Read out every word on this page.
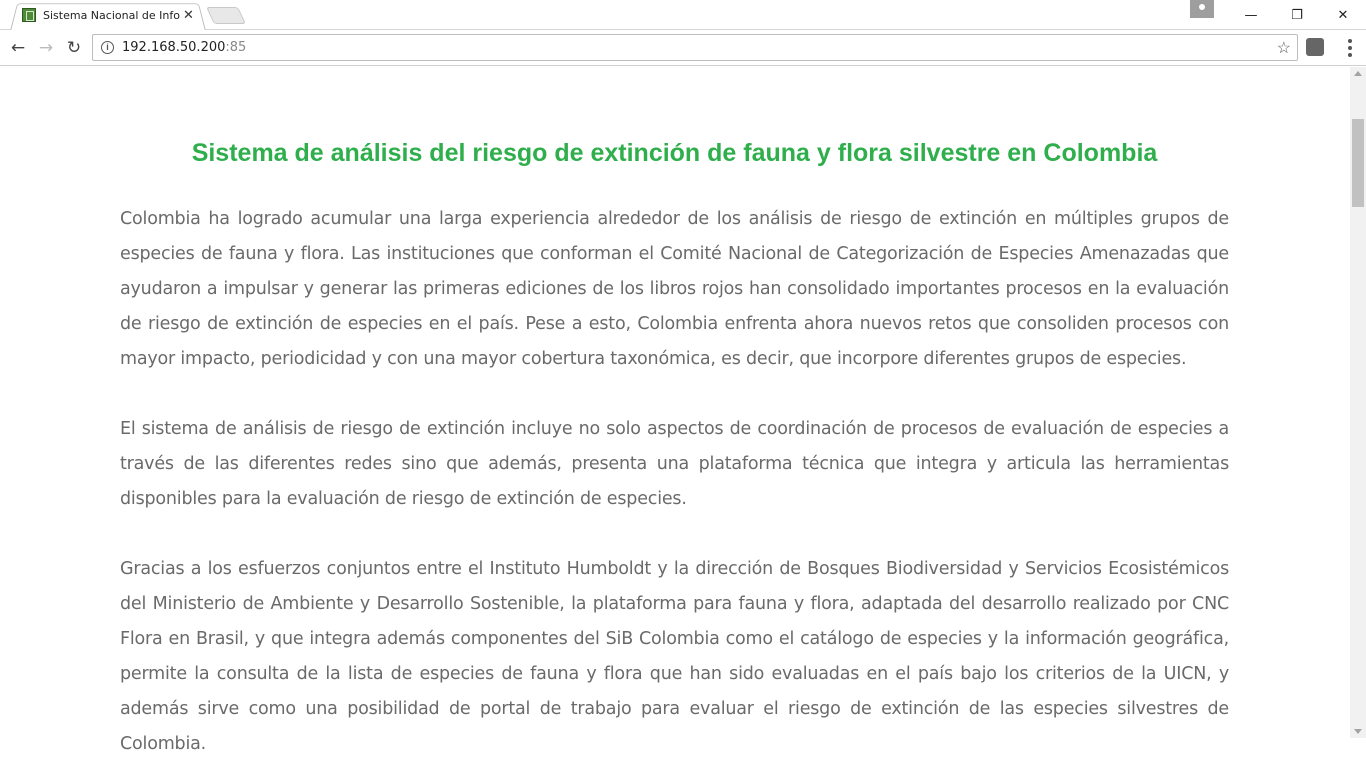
Sistema Nacional de Info ✕	—	❐	✕
← → ↻	i	192.168.50.200:85	☆
Sistema de análisis del riesgo de extinción de fauna y flora silvestre en Colombia

Colombia ha logrado acumular una larga experiencia alrededor de los análisis de riesgo de extinción en múltiples grupos de especies de fauna y flora. Las instituciones que conforman el Comité Nacional de Categorización de Especies Amenazadas que ayudaron a impulsar y generar las primeras ediciones de los libros rojos han consolidado importantes procesos en la evaluación de riesgo de extinción de especies en el país. Pese a esto, Colombia enfrenta ahora nuevos retos que consoliden procesos con mayor impacto, periodicidad y con una mayor cobertura taxonómica, es decir, que incorpore diferentes grupos de especies.

El sistema de análisis de riesgo de extinción incluye no solo aspectos de coordinación de procesos de evaluación de especies a través de las diferentes redes sino que además, presenta una plataforma técnica que integra y articula las herramientas disponibles para la evaluación de riesgo de extinción de especies.

Gracias a los esfuerzos conjuntos entre el Instituto Humboldt y la dirección de Bosques Biodiversidad y Servicios Ecosistémicos del Ministerio de Ambiente y Desarrollo Sostenible, la plataforma para fauna y flora, adaptada del desarrollo realizado por CNC Flora en Brasil, y que integra además componentes del SiB Colombia como el catálogo de especies y la información geográfica, permite la consulta de la lista de especies de fauna y flora que han sido evaluadas en el país bajo los criterios de la UICN, y además sirve como una posibilidad de portal de trabajo para evaluar el riesgo de extinción de las especies silvestres de Colombia.
